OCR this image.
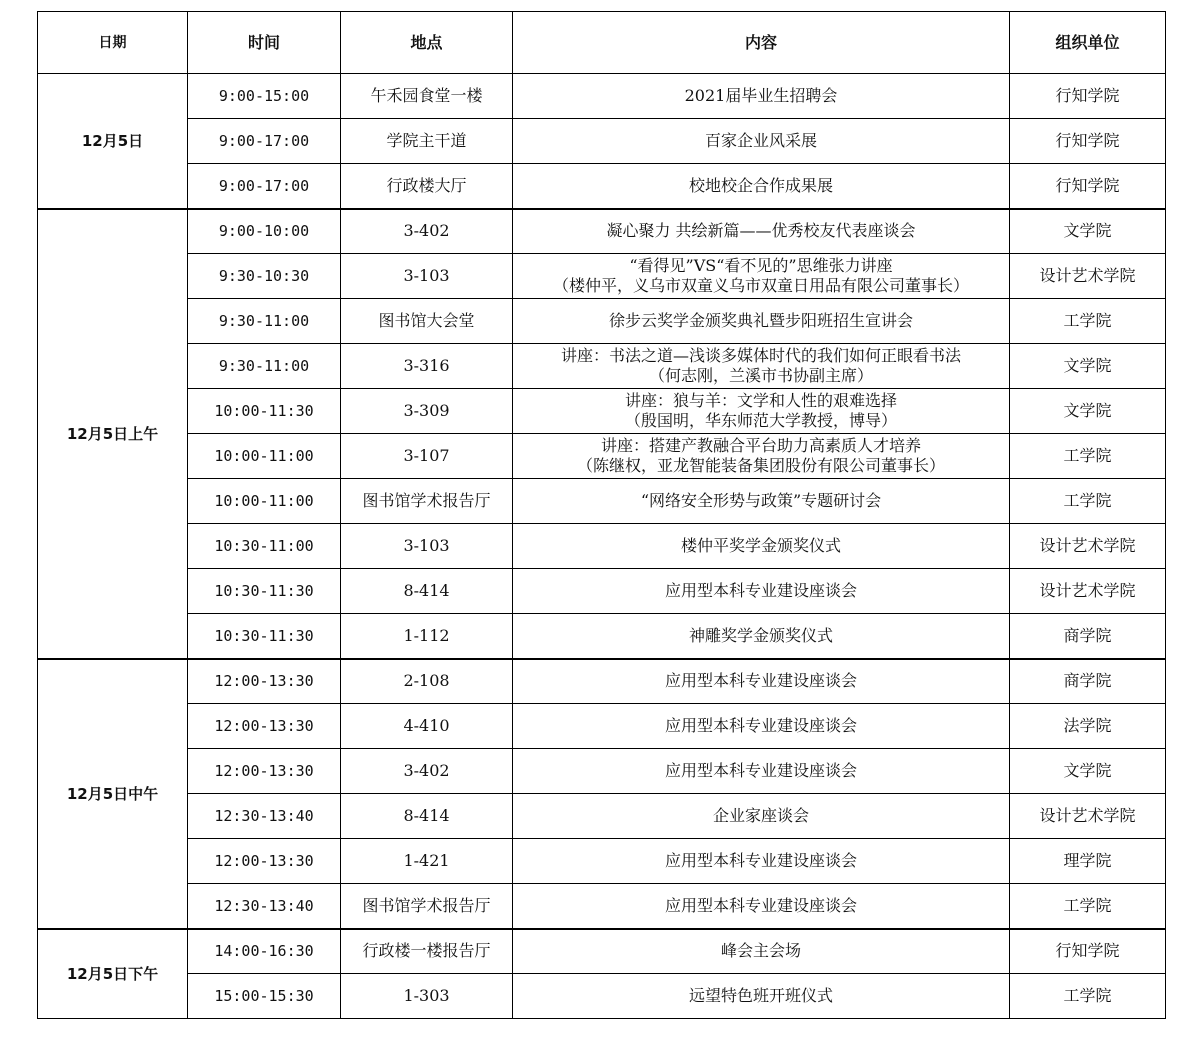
日期	时间	地点	内容	组织单位
12月5日	9:00-15:00	午禾园食堂一楼	2021届毕业生招聘会	行知学院
	9:00-17:00	学院主干道	百家企业风采展	行知学院
	9:00-17:00	行政楼大厅	校地校企合作成果展	行知学院
12月5日上午	9:00-10:00	3-402	凝心聚力 共绘新篇——优秀校友代表座谈会	文学院
	9:30-10:30	3-103	“看得见”VS“看不见的”思维张力讲座
（楼仲平，义乌市双童义乌市双童日用品有限公司董事长）	设计艺术学院
	9:30-11:00	图书馆大会堂	徐步云奖学金颁奖典礼暨步阳班招生宣讲会	工学院
	9:30-11:00	3-316	讲座：书法之道—浅谈多媒体时代的我们如何正眼看书法
（何志刚，兰溪市书协副主席）	文学院
	10:00-11:30	3-309	讲座：狼与羊：文学和人性的艰难选择
（殷国明，华东师范大学教授，博导）	文学院
	10:00-11:00	3-107	讲座：搭建产教融合平台助力高素质人才培养
（陈继权，亚龙智能装备集团股份有限公司董事长）	工学院
	10:00-11:00	图书馆学术报告厅	“网络安全形势与政策”专题研讨会	工学院
	10:30-11:00	3-103	楼仲平奖学金颁奖仪式	设计艺术学院
	10:30-11:30	8-414	应用型本科专业建设座谈会	设计艺术学院
	10:30-11:30	1-112	神雕奖学金颁奖仪式	商学院
12月5日中午	12:00-13:30	2-108	应用型本科专业建设座谈会	商学院
	12:00-13:30	4-410	应用型本科专业建设座谈会	法学院
	12:00-13:30	3-402	应用型本科专业建设座谈会	文学院
	12:30-13:40	8-414	企业家座谈会	设计艺术学院
	12:00-13:30	1-421	应用型本科专业建设座谈会	理学院
	12:30-13:40	图书馆学术报告厅	应用型本科专业建设座谈会	工学院
12月5日下午	14:00-16:30	行政楼一楼报告厅	峰会主会场	行知学院
	15:00-15:30	1-303	远望特色班开班仪式	工学院
